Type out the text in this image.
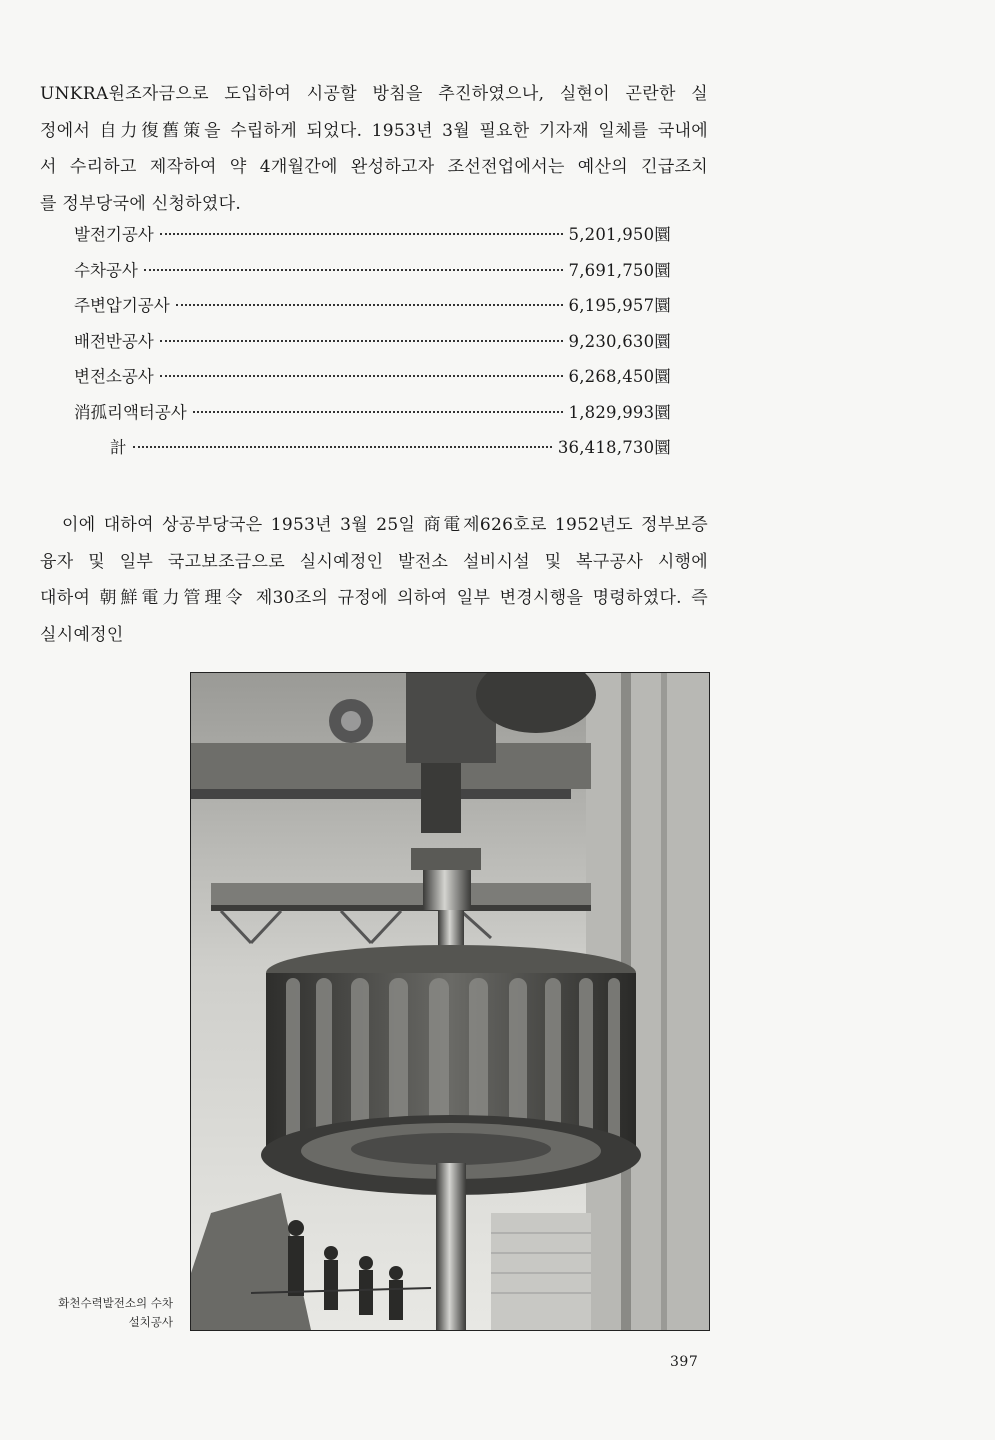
UNKRA원조자금으로 도입하여 시공할 방침을 추진하였으나, 실현이 곤란한 실
정에서 自力復舊策을 수립하게 되었다. 1953년 3월 필요한 기자재 일체를 국내에
서 수리하고 제작하여 약 4개월간에 완성하고자 조선전업에서는 예산의 긴급조치
를 정부당국에 신청하였다.
발전기공사	5,201,950圜
수차공사	7,691,750圜
주변압기공사	6,195,957圜
배전반공사	9,230,630圜
변전소공사	6,268,450圜
消孤리액터공사	1,829,993圜
計	36,418,730圜
이에 대하여 상공부당국은 1953년 3월 25일 商電제626호로 1952년도 정부보증
융자 및 일부 국고보조금으로 실시예정인 발전소 설비시설 및 복구공사 시행에
대하여 朝鮮電力管理令 제30조의 규정에 의하여 일부 변경시행을 명령하였다. 즉
실시예정인
화천수력발전소의 수차
설치공사
397
